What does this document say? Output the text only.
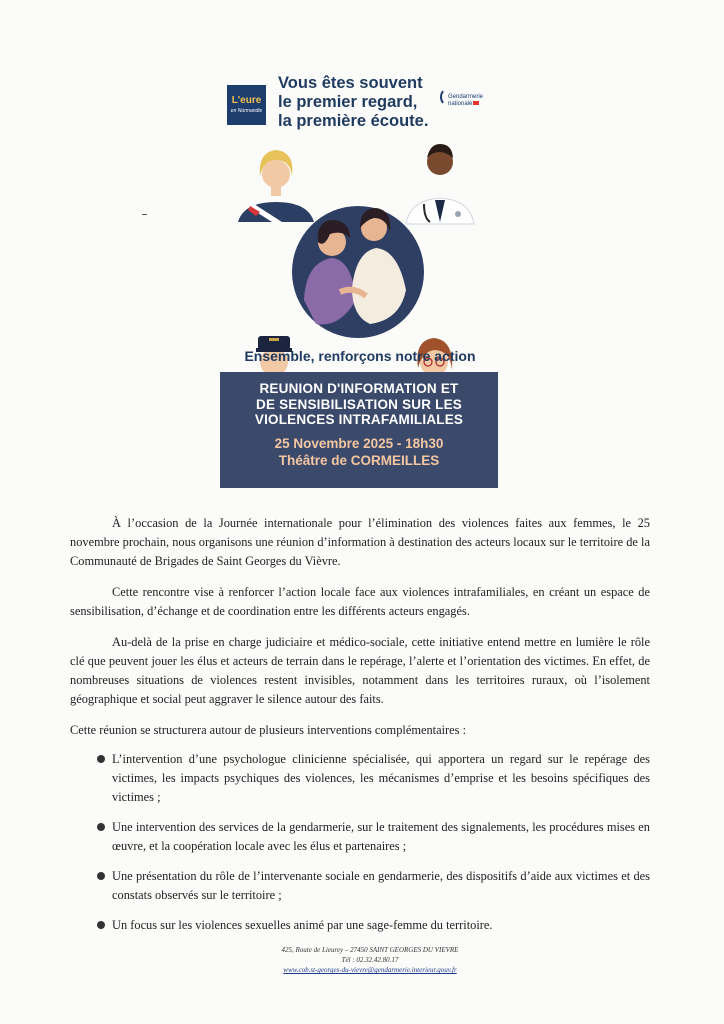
L'eure
en Normandie
Vous êtes souvent
le premier regard,
la première écoute.
Gendarmerie nationale
Ensemble, renforçons notre action
REUNION D'INFORMATION ET
DE SENSIBILISATION SUR LES
VIOLENCES INTRAFAMILIALES
25 Novembre 2025 - 18h30
Théâtre de CORMEILLES

À l’occasion de la Journée internationale pour l’élimination des violences faites aux femmes, le 25 novembre prochain, nous organisons une réunion d’information à destination des acteurs locaux sur le territoire de la Communauté de Brigades de Saint Georges du Vièvre.

Cette rencontre vise à renforcer l’action locale face aux violences intrafamiliales, en créant un espace de sensibilisation, d’échange et de coordination entre les différents acteurs engagés.

Au-delà de la prise en charge judiciaire et médico-sociale, cette initiative entend mettre en lumière le rôle clé que peuvent jouer les élus et acteurs de terrain dans le repérage, l’alerte et l’orientation des victimes. En effet, de nombreuses situations de violences restent invisibles, notamment dans les territoires ruraux, où l’isolement géographique et social peut aggraver le silence autour des faits.

Cette réunion se structurera autour de plusieurs interventions complémentaires :

L’intervention d’une psychologue clinicienne spécialisée, qui apportera un regard sur le repérage des victimes, les impacts psychiques des violences, les mécanismes d’emprise et les besoins spécifiques des victimes ;
Une intervention des services de la gendarmerie, sur le traitement des signalements, les procédures mises en œuvre, et la coopération locale avec les élus et partenaires ;
Une présentation du rôle de l’intervenante sociale en gendarmerie, des dispositifs d’aide aux victimes et des constats observés sur le territoire ;
Un focus sur les violences sexuelles animé par une sage-femme du territoire.
425, Route de Lieurey – 27450 SAINT GEORGES DU VIEVRE
Tél : 02.32.42.80.17
www.cob.st-georges-du-vievre@gendarmerie.interieur.gouv.fr
